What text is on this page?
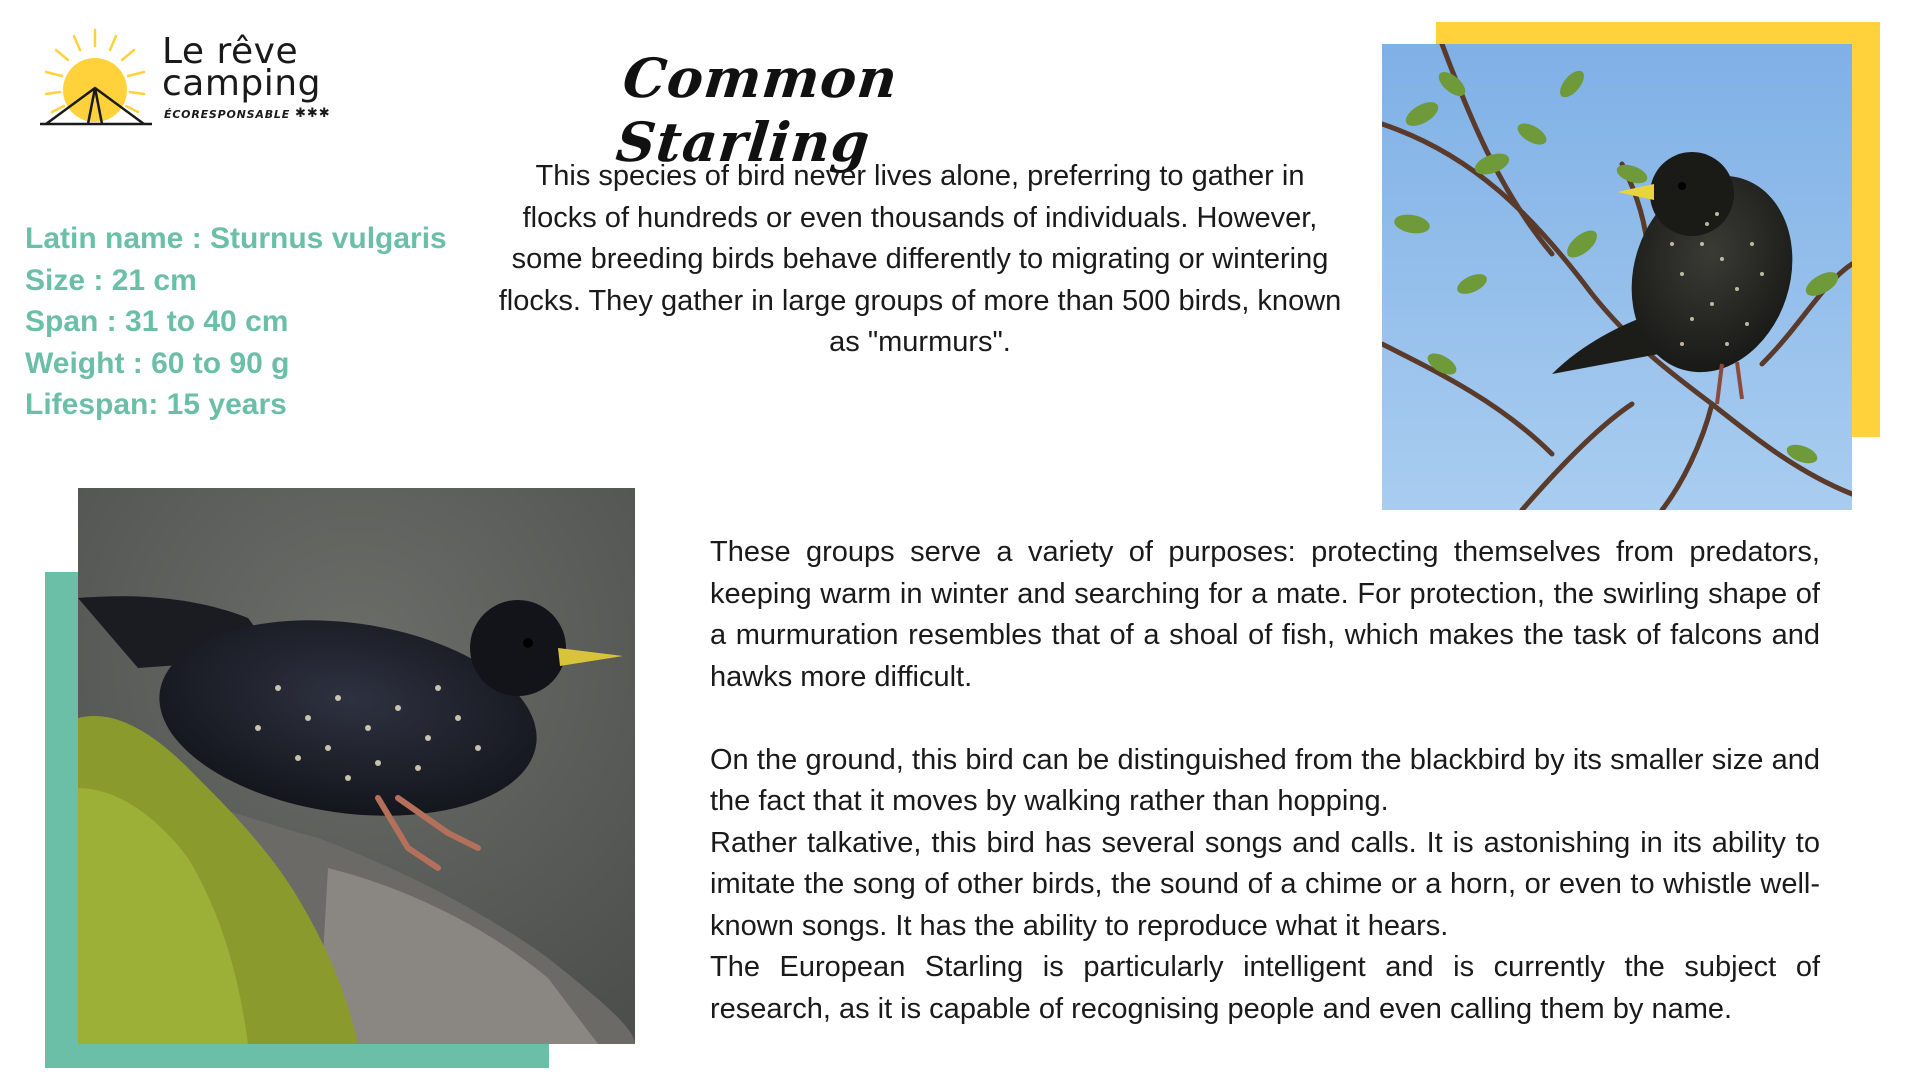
Le rêve
camping
ÉCORESPONSABLE ✱✱✱
Common Starling
Latin name : Sturnus vulgaris
Size : 21 cm
Span : 31 to 40 cm
Weight : 60 to 90 g
Lifespan: 15 years

This species of bird never lives alone, preferring to gather in flocks of hundreds or even thousands of individuals. However, some breeding birds behave differently to migrating or wintering flocks. They gather in large groups of more than 500 birds, known as "murmurs".

These groups serve a variety of purposes: protecting themselves from predators, keeping warm in winter and searching for a mate. For protection, the swirling shape of a murmuration resembles that of a shoal of fish, which makes the task of falcons and hawks more difficult.

On the ground, this bird can be distinguished from the blackbird by its smaller size and the fact that it moves by walking rather than hopping.

Rather talkative, this bird has several songs and calls. It is astonishing in its ability to imitate the song of other birds, the sound of a chime or a horn, or even to whistle well-known songs. It has the ability to reproduce what it hears.

The European Starling is particularly intelligent and is currently the subject of research, as it is capable of recognising people and even calling them by name.
